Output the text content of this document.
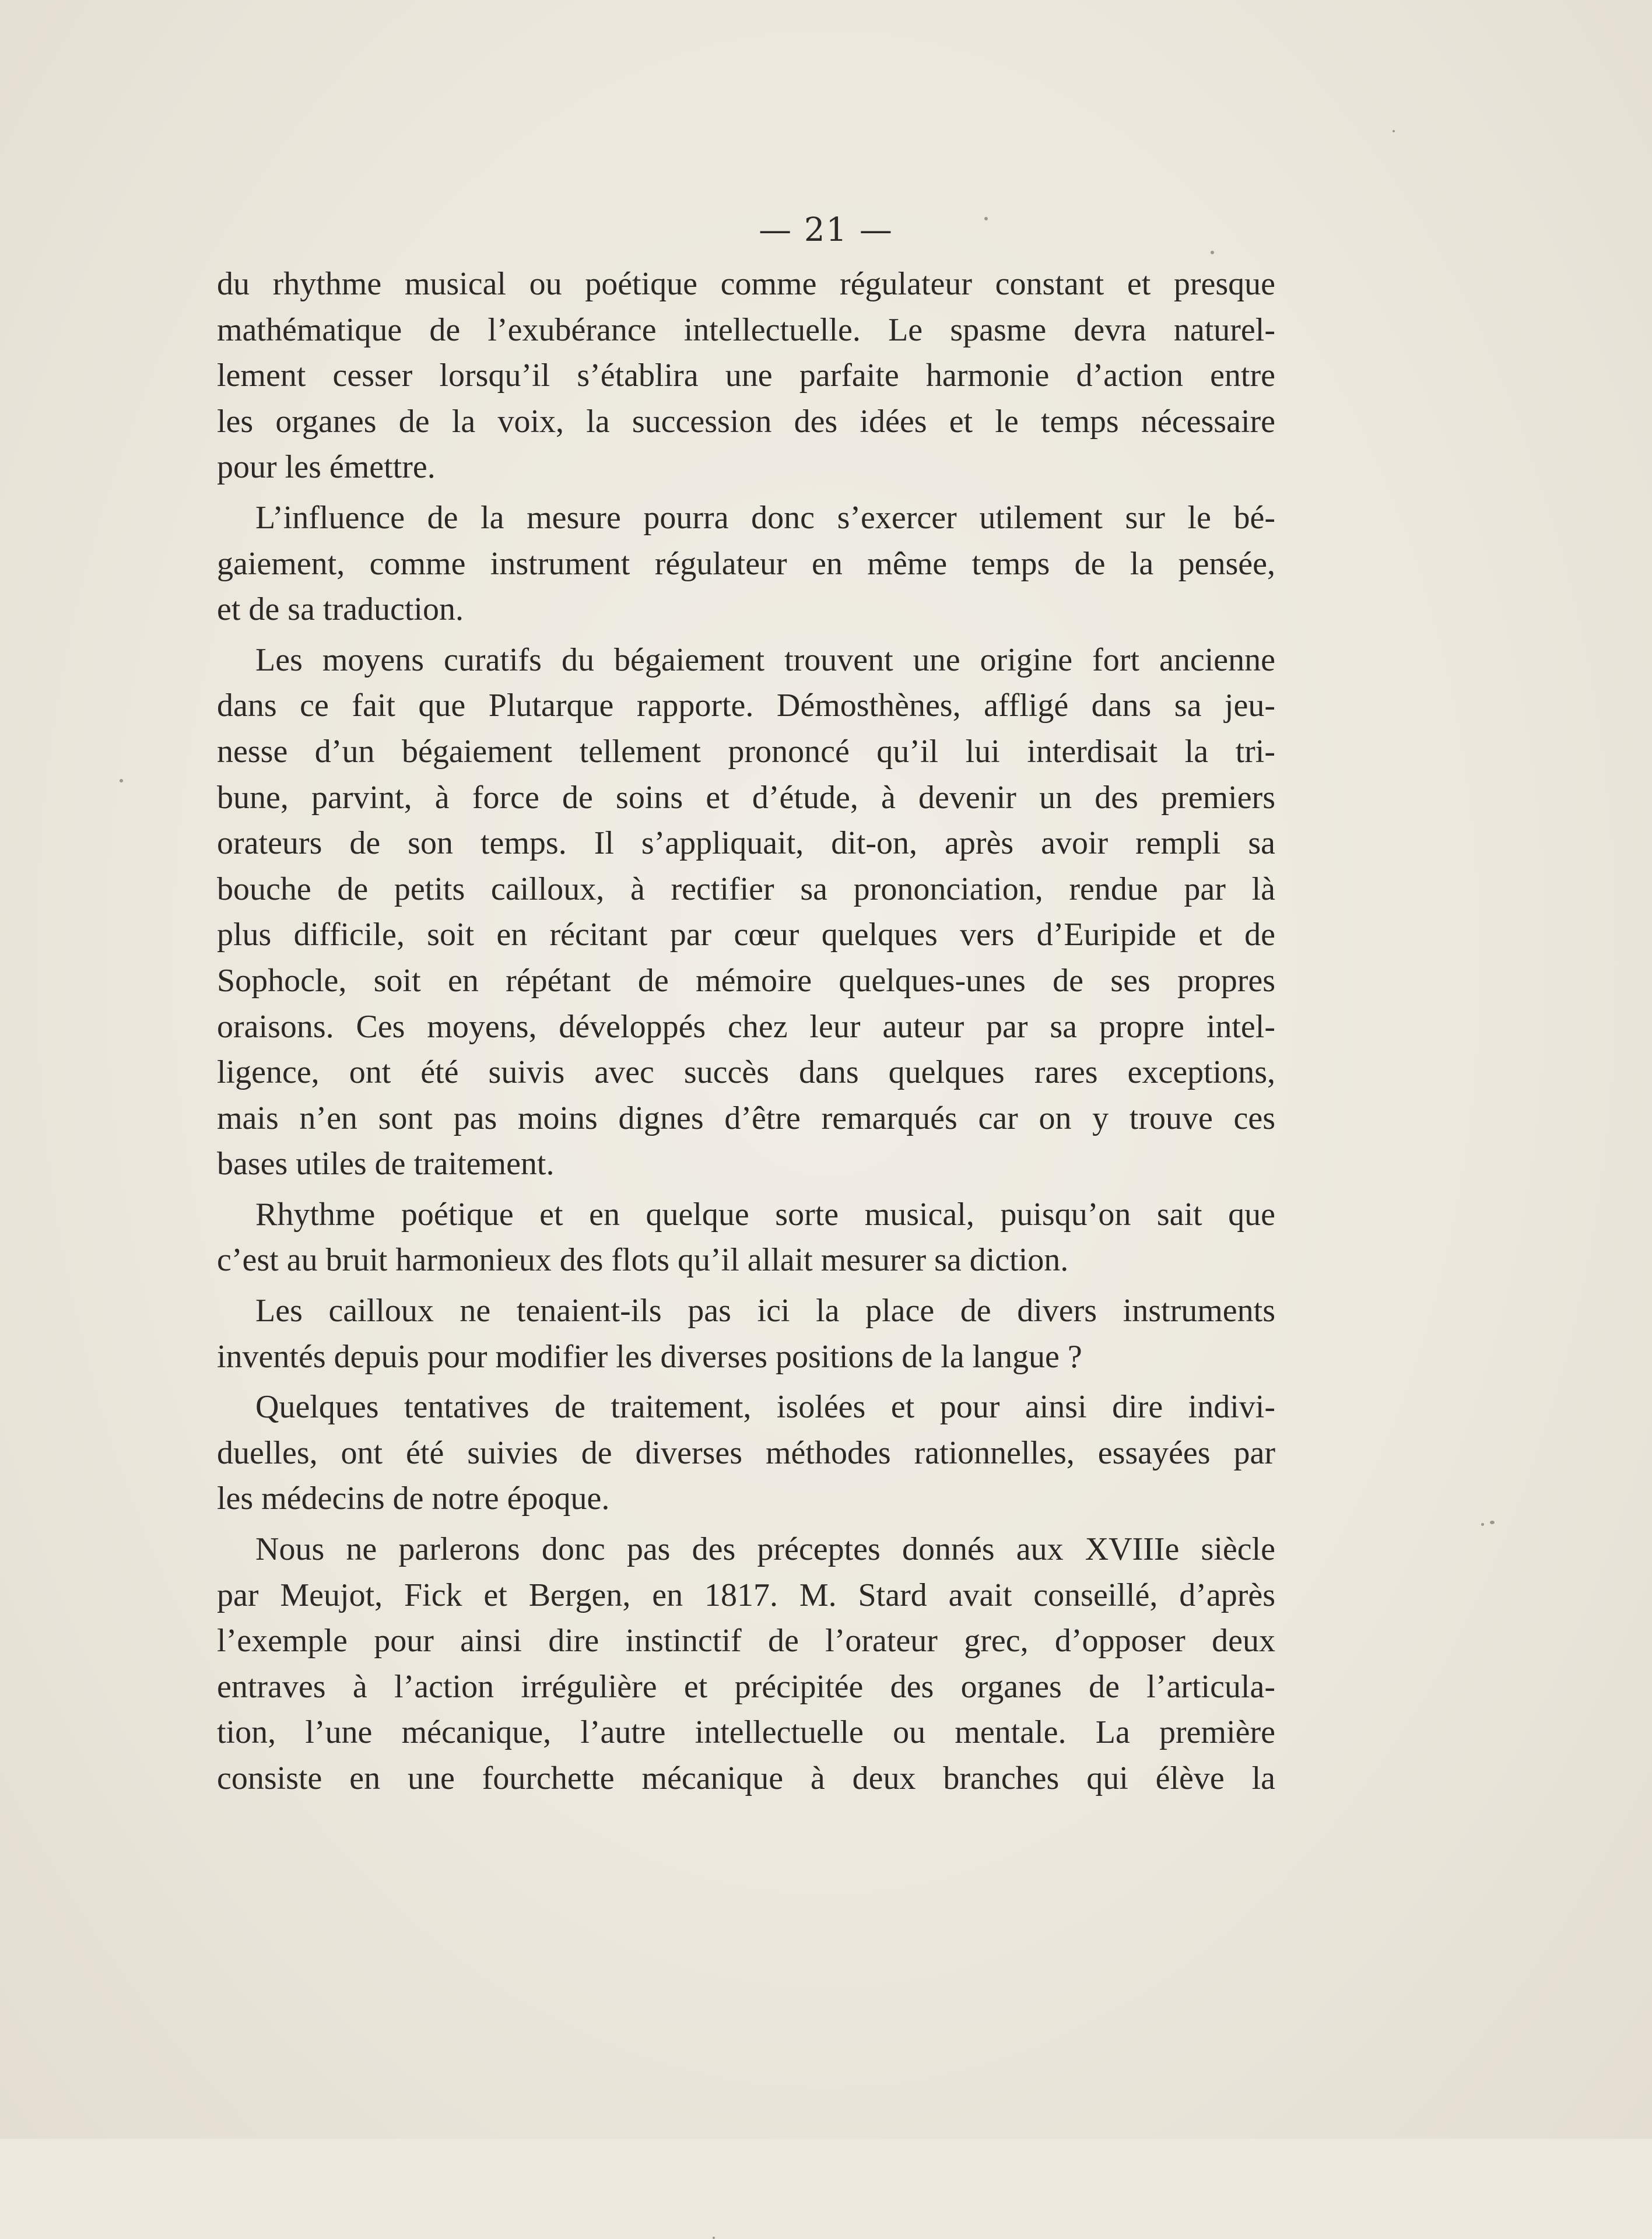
— 21 —
du rhythme musical ou poétique comme régulateur constant et presque
mathématique de l’exubérance intellectuelle. Le spasme devra naturel-
lement cesser lorsqu’il s’établira une parfaite harmonie d’action entre
les organes de la voix, la succession des idées et le temps nécessaire
pour les émettre.
L’influence de la mesure pourra donc s’exercer utilement sur le bé-
gaiement, comme instrument régulateur en même temps de la pensée,
et de sa traduction.
Les moyens curatifs du bégaiement trouvent une origine fort ancienne
dans ce fait que Plutarque rapporte. Démosthènes, affligé dans sa jeu-
nesse d’un bégaiement tellement prononcé qu’il lui interdisait la tri-
bune, parvint, à force de soins et d’étude, à devenir un des premiers
orateurs de son temps. Il s’appliquait, dit-on, après avoir rempli sa
bouche de petits cailloux, à rectifier sa prononciation, rendue par là
plus difficile, soit en récitant par cœur quelques vers d’Euripide et de
Sophocle, soit en répétant de mémoire quelques-unes de ses propres
oraisons. Ces moyens, développés chez leur auteur par sa propre intel-
ligence, ont été suivis avec succès dans quelques rares exceptions,
mais n’en sont pas moins dignes d’être remarqués car on y trouve ces
bases utiles de traitement.
Rhythme poétique et en quelque sorte musical, puisqu’on sait que
c’est au bruit harmonieux des flots qu’il allait mesurer sa diction.
Les cailloux ne tenaient-ils pas ici la place de divers instruments
inventés depuis pour modifier les diverses positions de la langue ?
Quelques tentatives de traitement, isolées et pour ainsi dire indivi-
duelles, ont été suivies de diverses méthodes rationnelles, essayées par
les médecins de notre époque.
Nous ne parlerons donc pas des préceptes donnés aux XVIIIe siècle
par Meujot, Fick et Bergen, en 1817. M. Stard avait conseillé, d’après
l’exemple pour ainsi dire instinctif de l’orateur grec, d’opposer deux
entraves à l’action irrégulière et précipitée des organes de l’articula-
tion, l’une mécanique, l’autre intellectuelle ou mentale. La première
consiste en une fourchette mécanique à deux branches qui élève la
